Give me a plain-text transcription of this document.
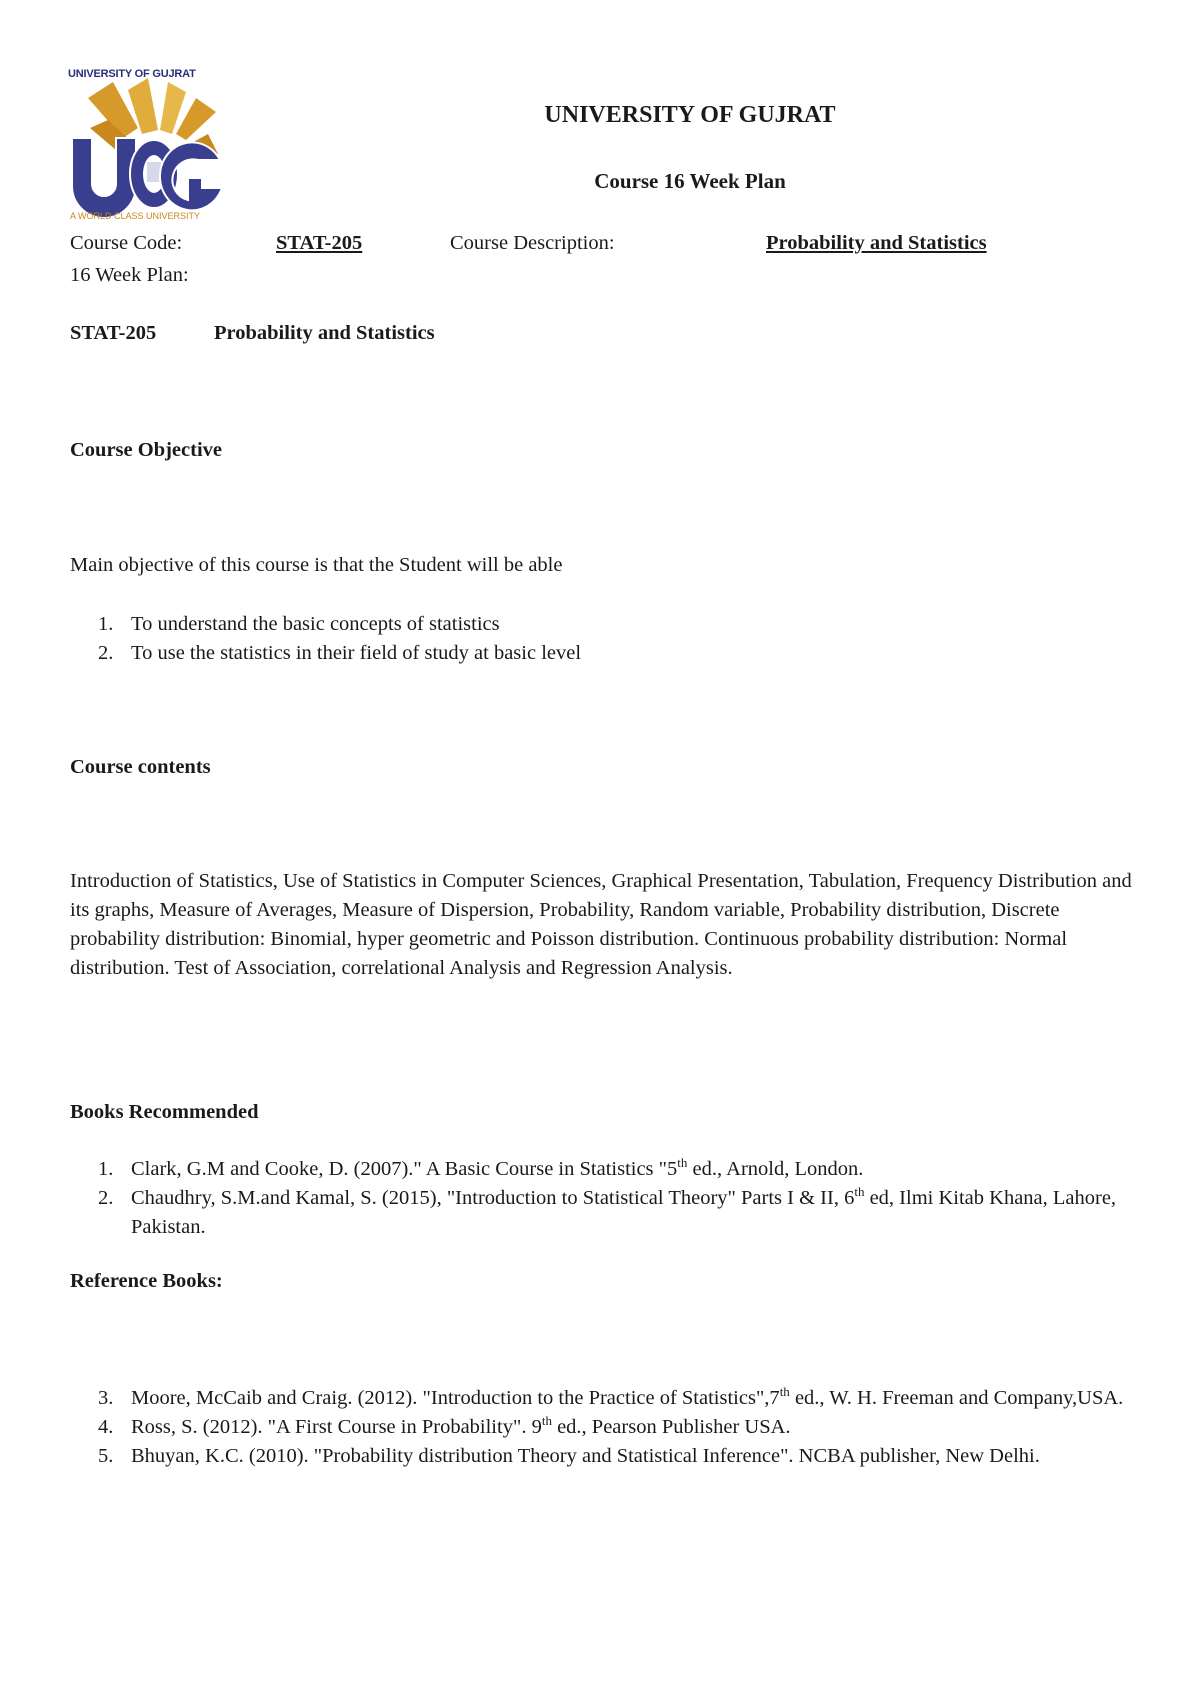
UNIVERSITY OF GUJRAT
A WORLD CLASS UNIVERSITY
UNIVERSITY OF GUJRAT
Course 16 Week Plan
Course Code:	STAT-205	Course Description:	Probability and Statistics
16 Week Plan:
STAT-205	Probability and Statistics
Course Objective
Main objective of this course is that the Student will be able
1. To understand the basic concepts of statistics
2. To use the statistics in their field of study at basic level
Course contents
Introduction of Statistics, Use of Statistics in Computer Sciences, Graphical Presentation, Tabulation, Frequency Distribution and its graphs, Measure of Averages, Measure of Dispersion, Probability, Random variable, Probability distribution, Discrete probability distribution: Binomial, hyper geometric and Poisson distribution. Continuous probability distribution: Normal distribution. Test of Association, correlational Analysis and Regression Analysis.
Books Recommended
1. Clark, G.M and Cooke, D. (2007)." A Basic Course in Statistics "5th ed., Arnold, London.
2. Chaudhry, S.M.and Kamal, S. (2015), "Introduction to Statistical Theory" Parts I & II, 6th ed, Ilmi Kitab Khana, Lahore, Pakistan.
Reference Books:
3. Moore, McCaib and Craig. (2012). "Introduction to the Practice of Statistics",7th ed., W. H. Freeman and Company,USA.
4. Ross, S. (2012). "A First Course in Probability". 9th ed., Pearson Publisher USA.
5. Bhuyan, K.C. (2010). "Probability distribution Theory and Statistical Inference". NCBA publisher, New Delhi.
